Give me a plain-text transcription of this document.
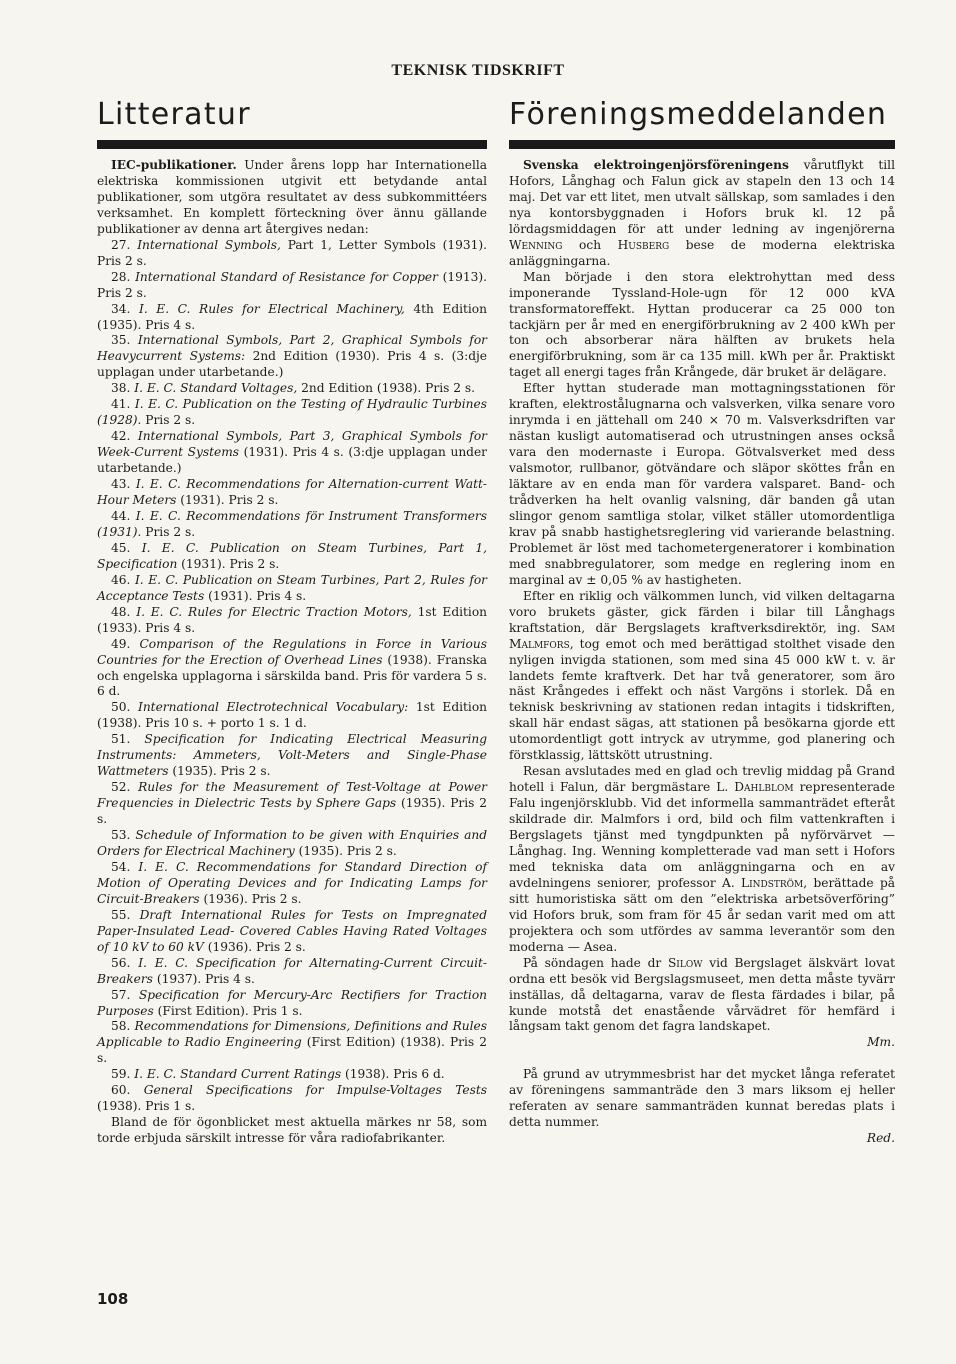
TEKNISK TIDSKRIFT
Litteratur	Föreningsmeddelanden

IEC-publikationer. Under årens lopp har Internationella elektriska kommissionen utgivit ett betydande antal publikationer, som utgöra resultatet av dess subkommittéers verksamhet. En komplett förteckning över ännu gällande publikationer av denna art återgives nedan:

27. International Symbols, Part 1, Letter Symbols (1931). Pris 2 s.

28. International Standard of Resistance for Copper (1913). Pris 2 s.

34. I. E. C. Rules for Electrical Machinery, 4th Edition (1935). Pris 4 s.

35. International Symbols, Part 2, Graphical Symbols for Heavycurrent Systems: 2nd Edition (1930). Pris 4 s. (3:dje upplagan under utarbetande.)

38. I. E. C. Standard Voltages, 2nd Edition (1938). Pris 2 s.

41. I. E. C. Publication on the Testing of Hydraulic Turbines (1928). Pris 2 s.

42. International Symbols, Part 3, Graphical Symbols for Week-Current Systems (1931). Pris 4 s. (3:dje upplagan under utarbetande.)

43. I. E. C. Recommendations for Alternation-current Watt-Hour Meters (1931). Pris 2 s.

44. I. E. C. Recommendations för Instrument Transformers (1931). Pris 2 s.

45. I. E. C. Publication on Steam Turbines, Part 1, Specification (1931). Pris 2 s.

46. I. E. C. Publication on Steam Turbines, Part 2, Rules for Acceptance Tests (1931). Pris 4 s.

48. I. E. C. Rules for Electric Traction Motors, 1st Edition (1933). Pris 4 s.

49. Comparison of the Regulations in Force in Various Countries for the Erection of Overhead Lines (1938). Franska och engelska upplagorna i särskilda band. Pris för vardera 5 s. 6 d.

50. International Electrotechnical Vocabulary: 1st Edition (1938). Pris 10 s. + porto 1 s. 1 d.

51. Specification for Indicating Electrical Measuring Instruments: Ammeters, Volt-Meters and Single-Phase Wattmeters (1935). Pris 2 s.

52. Rules for the Measurement of Test-Voltage at Power Frequencies in Dielectric Tests by Sphere Gaps (1935). Pris 2 s.

53. Schedule of Information to be given with Enquiries and Orders for Electrical Machinery (1935). Pris 2 s.

54. I. E. C. Recommendations for Standard Direction of Motion of Operating Devices and for Indicating Lamps for Circuit-Breakers (1936). Pris 2 s.

55. Draft International Rules for Tests on Impregnated Paper-Insulated Lead- Covered Cables Having Rated Voltages of 10 kV to 60 kV (1936). Pris 2 s.

56. I. E. C. Specification for Alternating-Current Circuit-Breakers (1937). Pris 4 s.

57. Specification for Mercury-Arc Rectifiers for Traction Purposes (First Edition). Pris 1 s.

58. Recommendations for Dimensions, Definitions and Rules Applicable to Radio Engineering (First Edition) (1938). Pris 2 s.

59. I. E. C. Standard Current Ratings (1938). Pris 6 d.

60. General Specifications for Impulse-Voltages Tests (1938). Pris 1 s.

Bland de för ögonblicket mest aktuella märkes nr 58, som torde erbjuda särskilt intresse för våra radiofabrikanter.

Svenska elektroingenjörsföreningens vårutflykt till Hofors, Långhag och Falun gick av stapeln den 13 och 14 maj. Det var ett litet, men utvalt sällskap, som samlades i den nya kontorsbyggnaden i Hofors bruk kl. 12 på lördagsmiddagen för att under ledning av ingenjörerna Wenning och Husberg bese de moderna elektriska anläggningarna.

Man började i den stora elektrohyttan med dess imponerande Tyssland-Hole-ugn för 12 000 kVA transformatoreffekt. Hyttan producerar ca 25 000 ton tackjärn per år med en energiförbrukning av 2 400 kWh per ton och absorberar nära hälften av brukets hela energiförbrukning, som är ca 135 mill. kWh per år. Praktiskt taget all energi tages från Krångede, där bruket är delägare.

Efter hyttan studerade man mottagningsstationen för kraften, elektrostålugnarna och valsverken, vilka senare voro inrymda i en jättehall om 240 × 70 m. Valsverksdriften var nästan kusligt automatiserad och utrustningen anses också vara den modernaste i Europa. Götvalsverket med dess valsmotor, rullbanor, götvändare och släpor sköttes från en läktare av en enda man för vardera valsparet. Band- och trådverken ha helt ovanlig valsning, där banden gå utan slingor genom samtliga stolar, vilket ställer utomordentliga krav på snabb hastighetsreglering vid varierande belastning. Problemet är löst med tachometergeneratorer i kombination med snabbregulatorer, som medge en reglering inom en marginal av ± 0,05 % av hastigheten.

Efter en riklig och välkommen lunch, vid vilken deltagarna voro brukets gäster, gick färden i bilar till Långhags kraftstation, där Bergslagets kraftverksdirektör, ing. Sam Malmfors, tog emot och med berättigad stolthet visade den nyligen invigda stationen, som med sina 45 000 kW t. v. är landets femte kraftverk. Det har två generatorer, som äro näst Krångedes i effekt och näst Vargöns i storlek. Då en teknisk beskrivning av stationen redan intagits i tidskriften, skall här endast sägas, att stationen på besökarna gjorde ett utomordentligt gott intryck av utrymme, god planering och förstklassig, lättskött utrustning.

Resan avslutades med en glad och trevlig middag på Grand hotell i Falun, där bergmästare L. Dahlblom representerade Falu ingenjörsklubb. Vid det informella sammanträdet efteråt skildrade dir. Malmfors i ord, bild och film vattenkraften i Bergslagets tjänst med tyngdpunkten på nyförvärvet — Långhag. Ing. Wenning kompletterade vad man sett i Hofors med tekniska data om anläggningarna och en av avdelningens seniorer, professor A. Lindström, berättade på sitt humoristiska sätt om den ”elektriska arbetsöverföring” vid Hofors bruk, som fram för 45 år sedan varit med om att projektera och som utfördes av samma leverantör som den moderna — Asea.

På söndagen hade dr Silow vid Bergslaget älskvärt lovat ordna ett besök vid Bergslagsmuseet, men detta måste tyvärr inställas, då deltagarna, varav de flesta färdades i bilar, på kunde motstå det enastående vårvädret för hemfärd i långsam takt genom det fagra landskapet.

Mm.

På grund av utrymmesbrist har det mycket långa referatet av föreningens sammanträde den 3 mars liksom ej heller referaten av senare sammanträden kunnat beredas plats i detta nummer.

Red.

108
